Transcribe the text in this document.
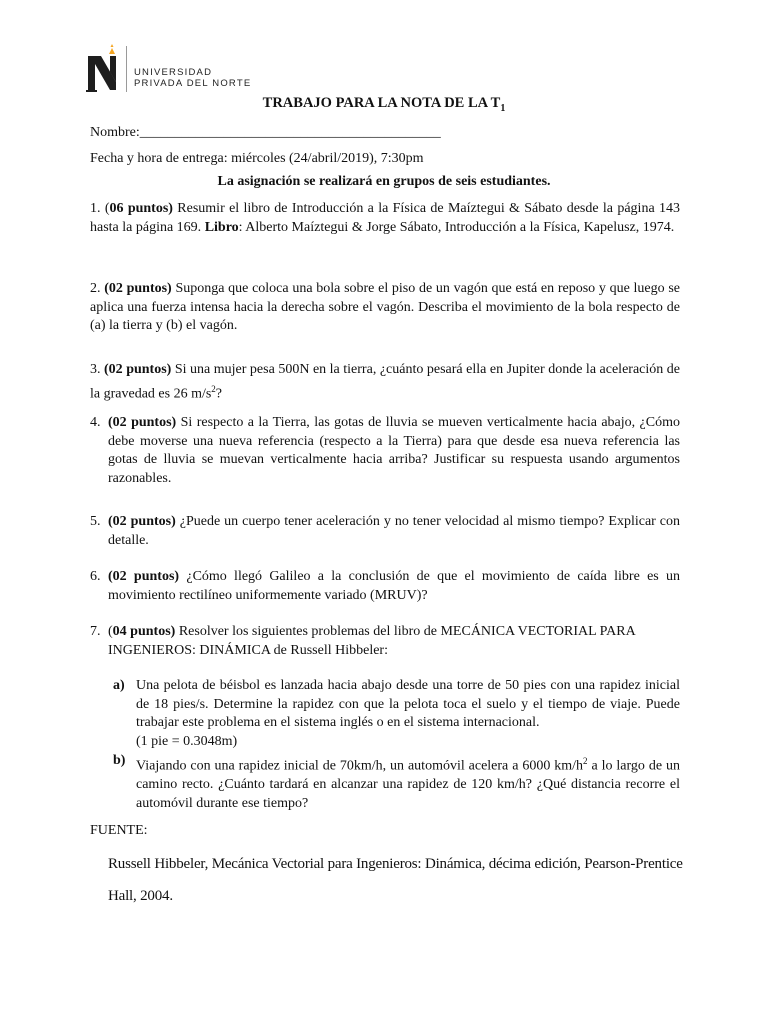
UNIVERSIDAD
PRIVADA DEL NORTE
TRABAJO PARA LA NOTA DE LA $T_1$
Nombre:___________________________________________
Fecha y hora de entrega: miércoles (24/abril/2019), 7:30pm
La asignación se realizará en grupos de seis estudiantes.
1. (06 puntos) Resumir el libro de Introducción a la Física de Maíztegui & Sábato desde la página 143 hasta la página 169. Libro: Alberto Maíztegui & Jorge Sábato, Introducción a la Física, Kapelusz, 1974.
2. (02 puntos) Suponga que coloca una bola sobre el piso de un vagón que está en reposo y que luego se aplica una fuerza intensa hacia la derecha sobre el vagón. Describa el movimiento de la bola respecto de (a) la tierra y (b) el vagón.
3. (02 puntos) Si una mujer pesa 500N en la tierra, ¿cuánto pesará ella en Jupiter donde la aceleración de la gravedad es 26 $m/s^2$?
4. (02 puntos) Si respecto a la Tierra, las gotas de lluvia se mueven verticalmente hacia abajo, ¿Cómo debe moverse una nueva referencia (respecto a la Tierra) para que desde esa nueva referencia las gotas de lluvia se muevan verticalmente hacia arriba? Justificar su respuesta usando argumentos razonables.
5. (02 puntos) ¿Puede un cuerpo tener aceleración y no tener velocidad al mismo tiempo? Explicar con detalle.
6. (02 puntos) ¿Cómo llegó Galileo a la conclusión de que el movimiento de caída libre es un movimiento rectilíneo uniformemente variado (MRUV)?
7. (04 puntos) Resolver los siguientes problemas del libro de MECÁNICA VECTORIAL PARA INGENIEROS: DINÁMICA de Russell Hibbeler:
a) Una pelota de béisbol es lanzada hacia abajo desde una torre de 50 pies con una rapidez inicial de 18 pies/s. Determine la rapidez con que la pelota toca el suelo y el tiempo de viaje. Puede trabajar este problema en el sistema inglés o en el sistema internacional.
(1 pie = 0.3048m)
b) Viajando con una rapidez inicial de 70km/h, un automóvil acelera a 6000 $km/h^2$ a lo largo de un camino recto. ¿Cuánto tardará en alcanzar una rapidez de 120 km/h? ¿Qué distancia recorre el automóvil durante ese tiempo?
FUENTE:
Russell Hibbeler, Mecánica Vectorial para Ingenieros: Dinámica, décima edición, Pearson-Prentice Hall, 2004.
